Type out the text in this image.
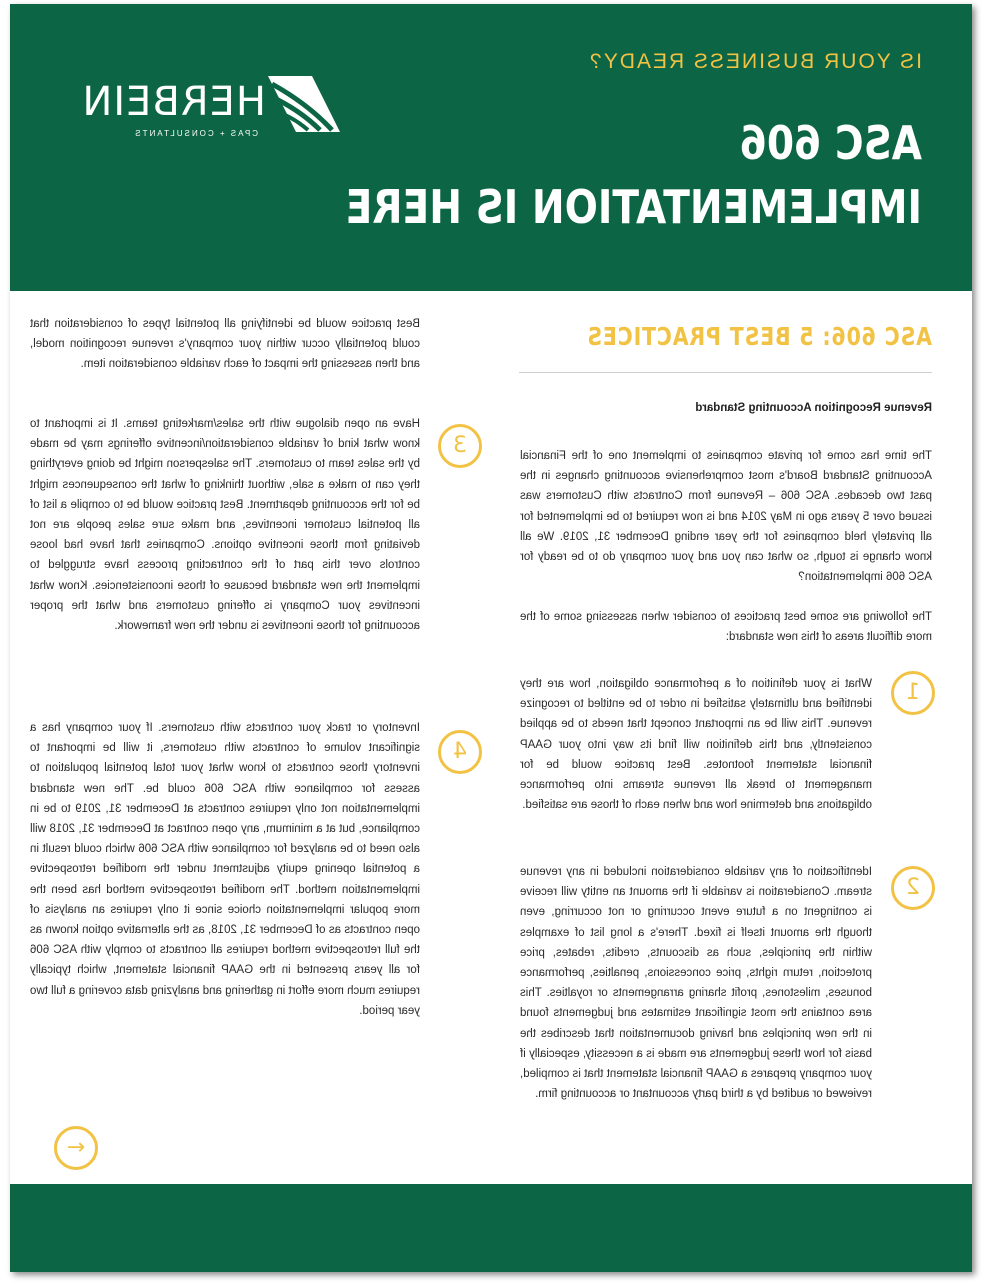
IS YOUR BUSINESS READY?
ASC 606
IMPLEMENTATION IS HERE
HERBEIN
CPAS + CONSULTANTS
ASC 606: 5 BEST PRACTICES
Revenue Recognition Accounting Standard
The time has come for private companies to implement one of the Financial Accounting Standard Board's most comprehensive accounting changes in the past two decades. ASC 606 – Revenue from Contracts with Customers was issued over 5 years ago in May 2014 and is now required to be implemented for all privately held companies for the year ending December 31, 2019. We all know change is tough, so what can you and your company do to be ready for ASC 606 implementation?
The following are some best practices to consider when assessing some of the more difficult areas of this new standard:
1
What is your definition of a performance obligation, how are they identified and ultimately satisfied in order to be entitled to recognize revenue. This will be an important concept that needs to be applied consistently, and this definition will find its way into your GAAP financial statement footnotes. Best practice would be for management to break all revenue streams into performance obligations and determine how and when each of those are satisfied.
2
Identification of any variable consideration included in any revenue stream. Consideration is variable if the amount an entity will receive is contingent on a future event occurring or not occurring, even though the amount itself is fixed. There's a long list of examples within the principles, such as discounts, credits, rebates, price protection, return rights, price concessions, penalties, performance bonuses, milestones, profit sharing arrangements or royalties. This area contains the most significant estimates and judgements found in the new principles and having documentation that describes the basis for how these judgements are made is a necessity, especially if your company prepares a GAAP financial statement that is compiled, reviewed or audited by a third party accountant or accounting firm.
Best practice would be identifying all potential types of consideration that could potentially occur within your company's revenue recognition model, and then assessing the impact of each variable consideration item.
3
Have an open dialogue with the sales/marketing teams. It is important to know what kind of variable consideration/incentive offerings may be made by the sales team to customers. The salesperson might be doing everything they can to make a sale, without thinking of what the consequences might be for the accounting department. Best practice would be to compile a list of all potential customer incentives, and make sure sales people are not deviating from those incentive options. Companies that have had loose controls over this part of the contracting process have struggled to implement the new standard because of those inconsistencies. Know what incentives your Company is offering customers and what the proper accounting for those incentives is under the new framework.
4
Inventory or track your contracts with customers. If your company has a significant volume of contracts with customers, it will be important to inventory those contracts to know what your total potential population to assess for compliance with ASC 606 could be. The new standard implementation not only requires contracts at December 31, 2019 to be in compliance, but at a minimum, any open contract at December 31, 2018 will also need to be analyzed for compliance with ASC 606 which could result in a potential opening equity adjustment under the modified retrospective implementation method. The modified retrospective method has been the more popular implementation choice since it only requires an analysis of open contracts as of December 31, 2018, as the alternative option known as the full retrospective method requires all contracts to comply with ASC 606 for all years presented in the GAAP financial statement, which typically requires much more effort in gathering and analyzing data covering a full two year period.
←
